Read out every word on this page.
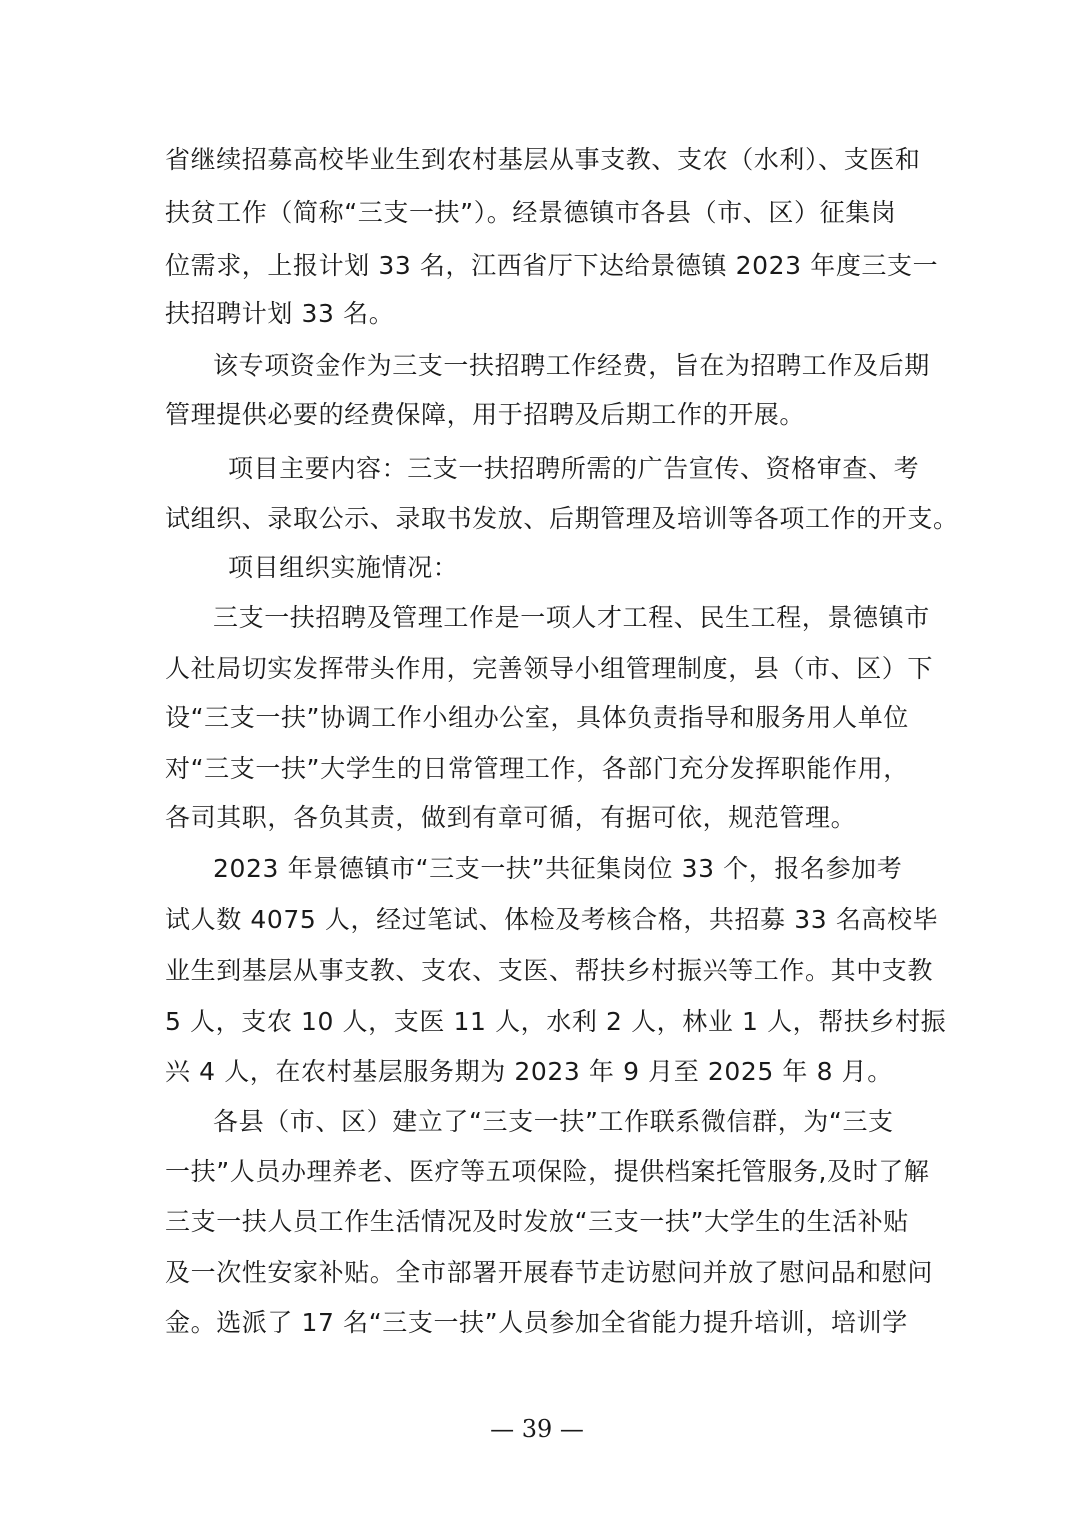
省继续招募高校毕业生到农村基层从事支教、支农（水利）、支医和
扶贫工作（简称“三支一扶”）。经景德镇市各县（市、区）征集岗
位需求，上报计划 33 名，江西省厅下达给景德镇 2023 年度三支一
扶招聘计划 33 名。
该专项资金作为三支一扶招聘工作经费，旨在为招聘工作及后期
管理提供必要的经费保障，用于招聘及后期工作的开展。
项目主要内容：三支一扶招聘所需的广告宣传、资格审查、考
试组织、录取公示、录取书发放、后期管理及培训等各项工作的开支。
项目组织实施情况：
三支一扶招聘及管理工作是一项人才工程、民生工程，景德镇市
人社局切实发挥带头作用，完善领导小组管理制度，县（市、区）下
设“三支一扶”协调工作小组办公室，具体负责指导和服务用人单位
对“三支一扶”大学生的日常管理工作，各部门充分发挥职能作用，
各司其职，各负其责，做到有章可循，有据可依，规范管理。
2023 年景德镇市“三支一扶”共征集岗位 33 个，报名参加考
试人数 4075 人，经过笔试、体检及考核合格，共招募 33 名高校毕
业生到基层从事支教、支农、支医、帮扶乡村振兴等工作。其中支教
5 人，支农 10 人，支医 11 人，水利 2 人，林业 1 人，帮扶乡村振
兴 4 人，在农村基层服务期为 2023 年 9 月至 2025 年 8 月。
各县（市、区）建立了“三支一扶”工作联系微信群，为“三支
一扶”人员办理养老、医疗等五项保险，提供档案托管服务,及时了解
三支一扶人员工作生活情况及时发放“三支一扶”大学生的生活补贴
及一次性安家补贴。全市部署开展春节走访慰问并放了慰问品和慰问
金。选派了 17 名“三支一扶”人员参加全省能力提升培训，培训学
— 39 —
